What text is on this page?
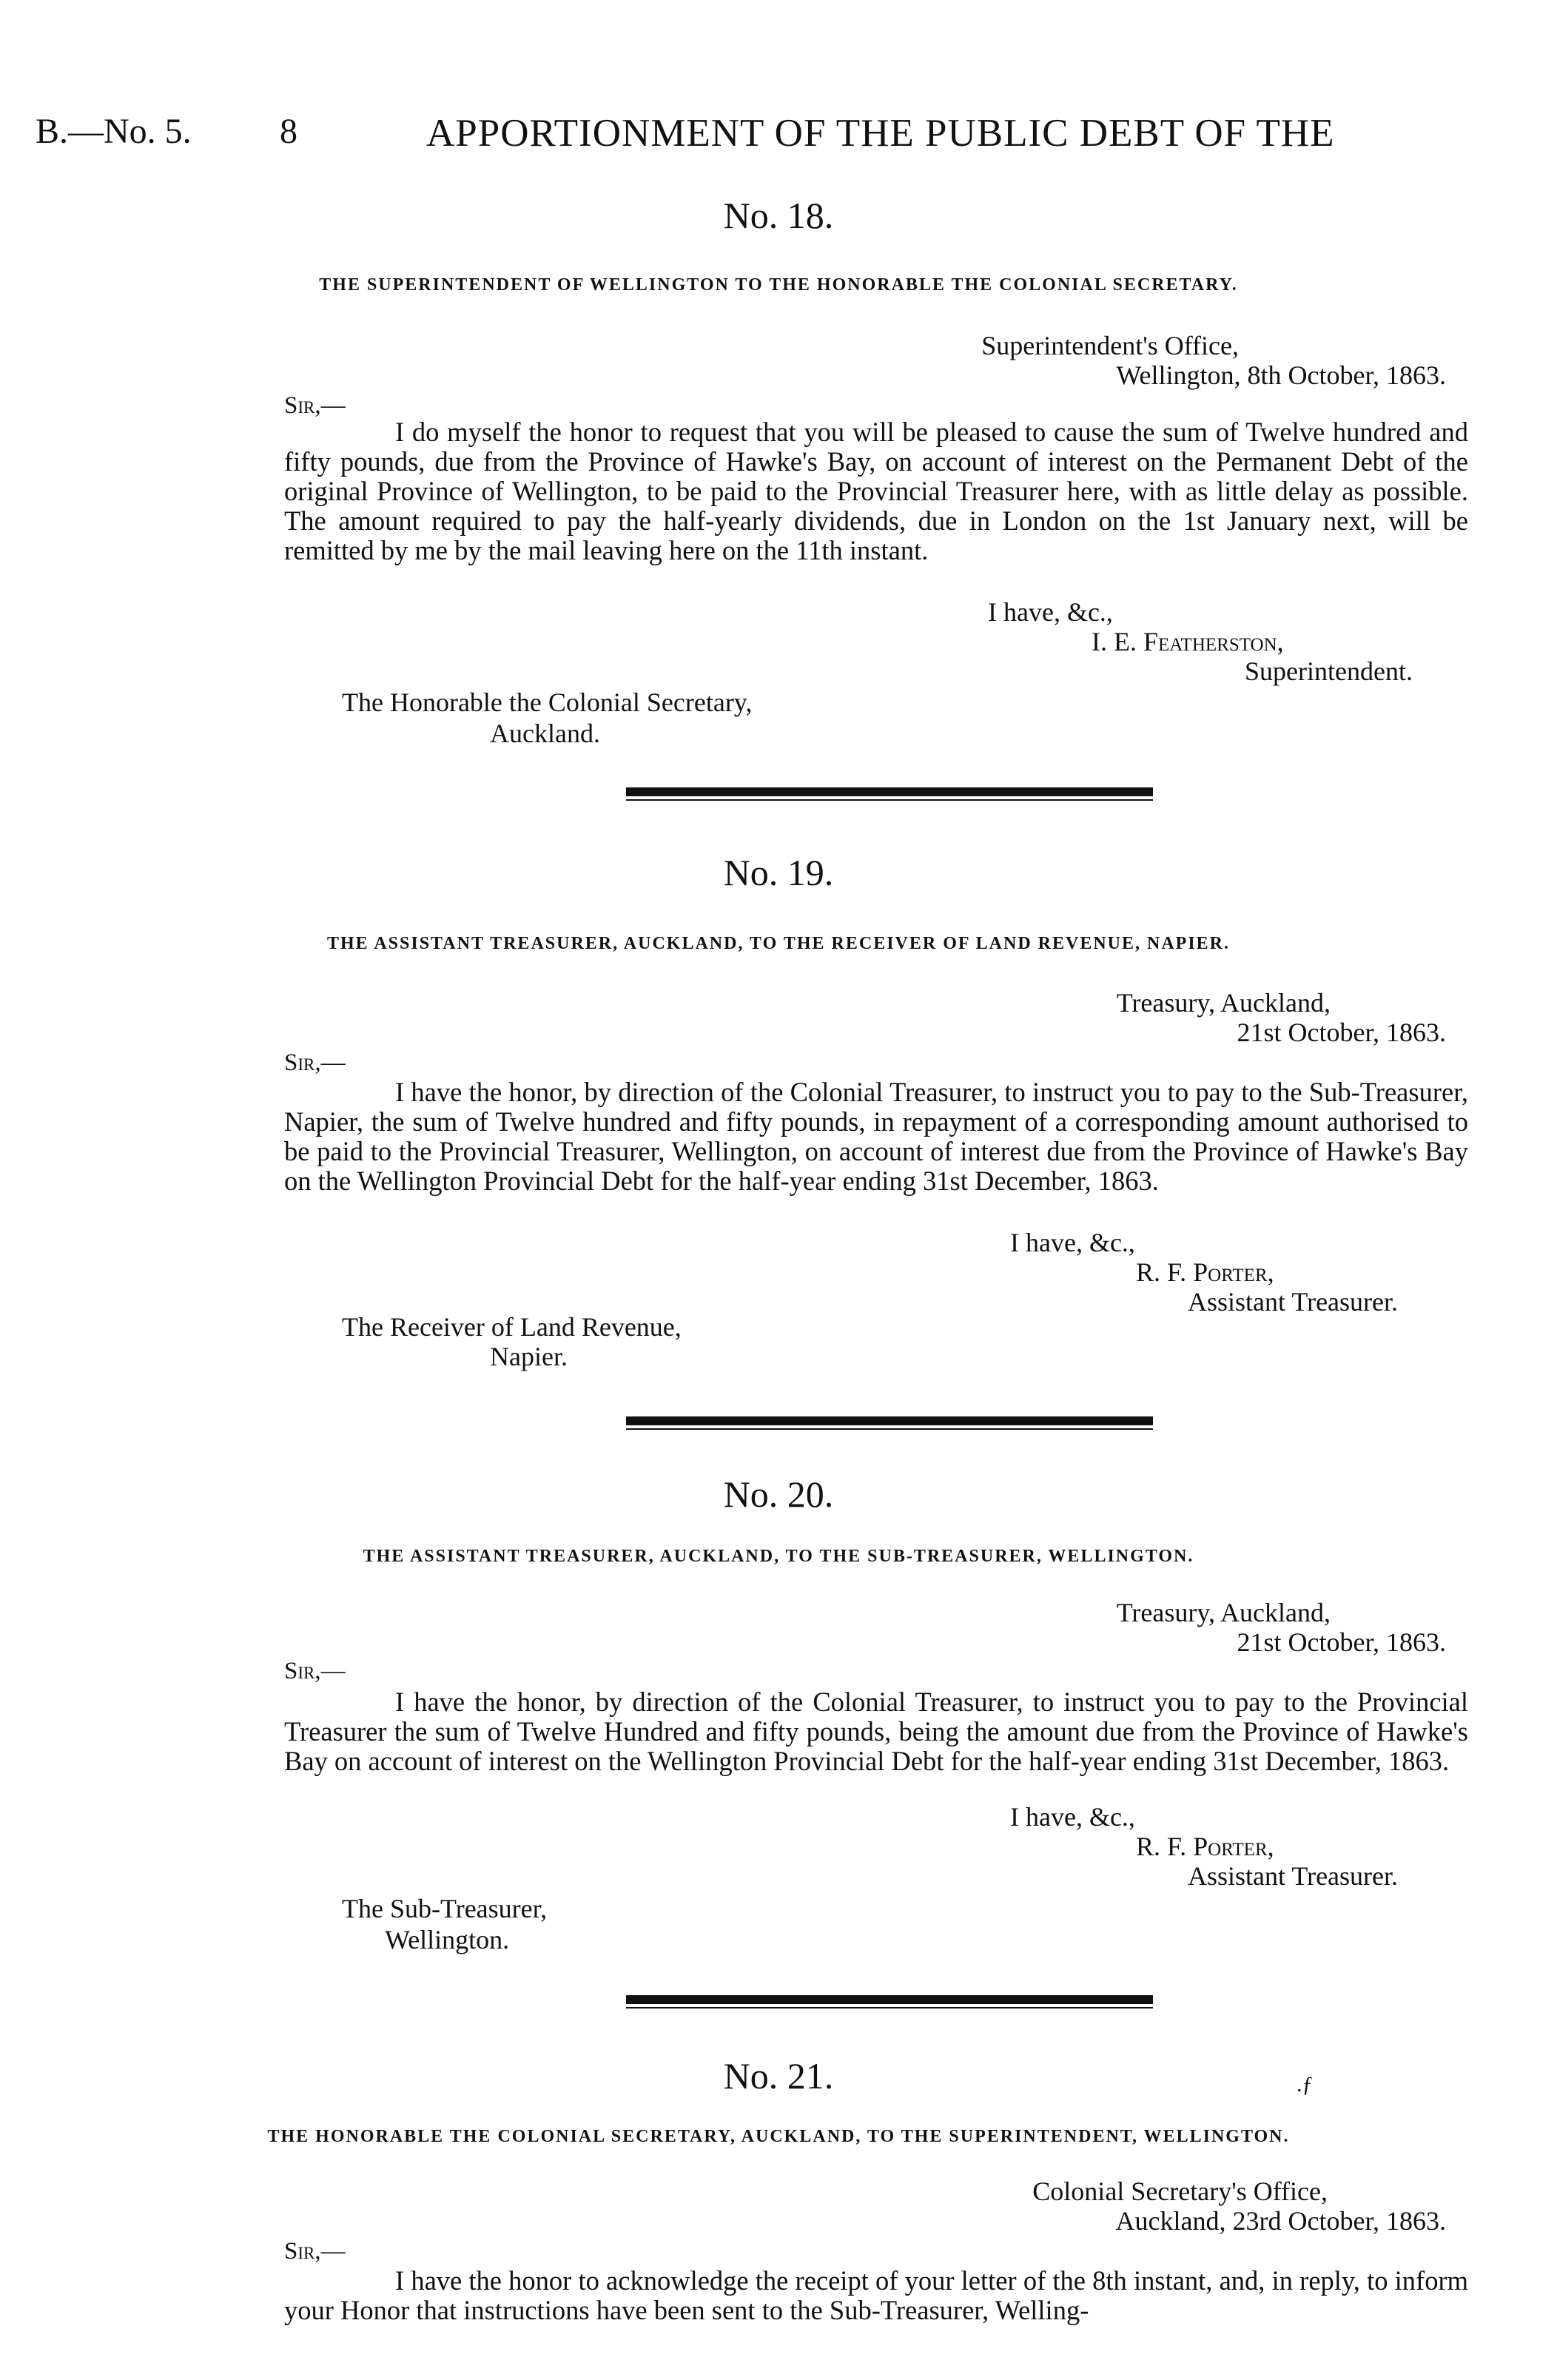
B.—No. 5. 8	APPORTIONMENT OF THE PUBLIC DEBT OF THE
No. 18.
THE SUPERINTENDENT OF WELLINGTON TO THE HONORABLE THE COLONIAL SECRETARY.
Superintendent's Office,
Wellington, 8th October, 1863.
Sir,—
I do myself the honor to request that you will be pleased to cause the sum of Twelve hundred and fifty pounds, due from the Province of Hawke's Bay, on account of interest on the Permanent Debt of the original Province of Wellington, to be paid to the Provincial Treasurer here, with as little delay as possible. The amount required to pay the half-yearly dividends, due in London on the 1st January next, will be remitted by me by the mail leaving here on the 11th instant.
I have, &c.,
I. E. Featherston,
Superintendent.
The Honorable the Colonial Secretary,
Auckland.
No. 19.
THE ASSISTANT TREASURER, AUCKLAND, TO THE RECEIVER OF LAND REVENUE, NAPIER.
Treasury, Auckland,
21st October, 1863.
Sir,—
I have the honor, by direction of the Colonial Treasurer, to instruct you to pay to the Sub-Treasurer, Napier, the sum of Twelve hundred and fifty pounds, in repayment of a corresponding amount authorised to be paid to the Provincial Treasurer, Wellington, on account of interest due from the Province of Hawke's Bay on the Wellington Provincial Debt for the half-year ending 31st December, 1863.
I have, &c.,
R. F. Porter,
Assistant Treasurer.
The Receiver of Land Revenue,
Napier.
No. 20.
THE ASSISTANT TREASURER, AUCKLAND, TO THE SUB-TREASURER, WELLINGTON.
Treasury, Auckland,
21st October, 1863.
Sir,—
I have the honor, by direction of the Colonial Treasurer, to instruct you to pay to the Provincial Treasurer the sum of Twelve Hundred and fifty pounds, being the amount due from the Province of Hawke's Bay on account of interest on the Wellington Provincial Debt for the half-year ending 31st December, 1863.
I have, &c.,
R. F. Porter,
Assistant Treasurer.
The Sub-Treasurer,
Wellington.
No. 21.	.ƒ
THE HONORABLE THE COLONIAL SECRETARY, AUCKLAND, TO THE SUPERINTENDENT, WELLINGTON.
Colonial Secretary's Office,
Auckland, 23rd October, 1863.
Sir,—
I have the honor to acknowledge the receipt of your letter of the 8th instant, and, in reply, to inform your Honor that instructions have been sent to the Sub-Treasurer, Welling-
